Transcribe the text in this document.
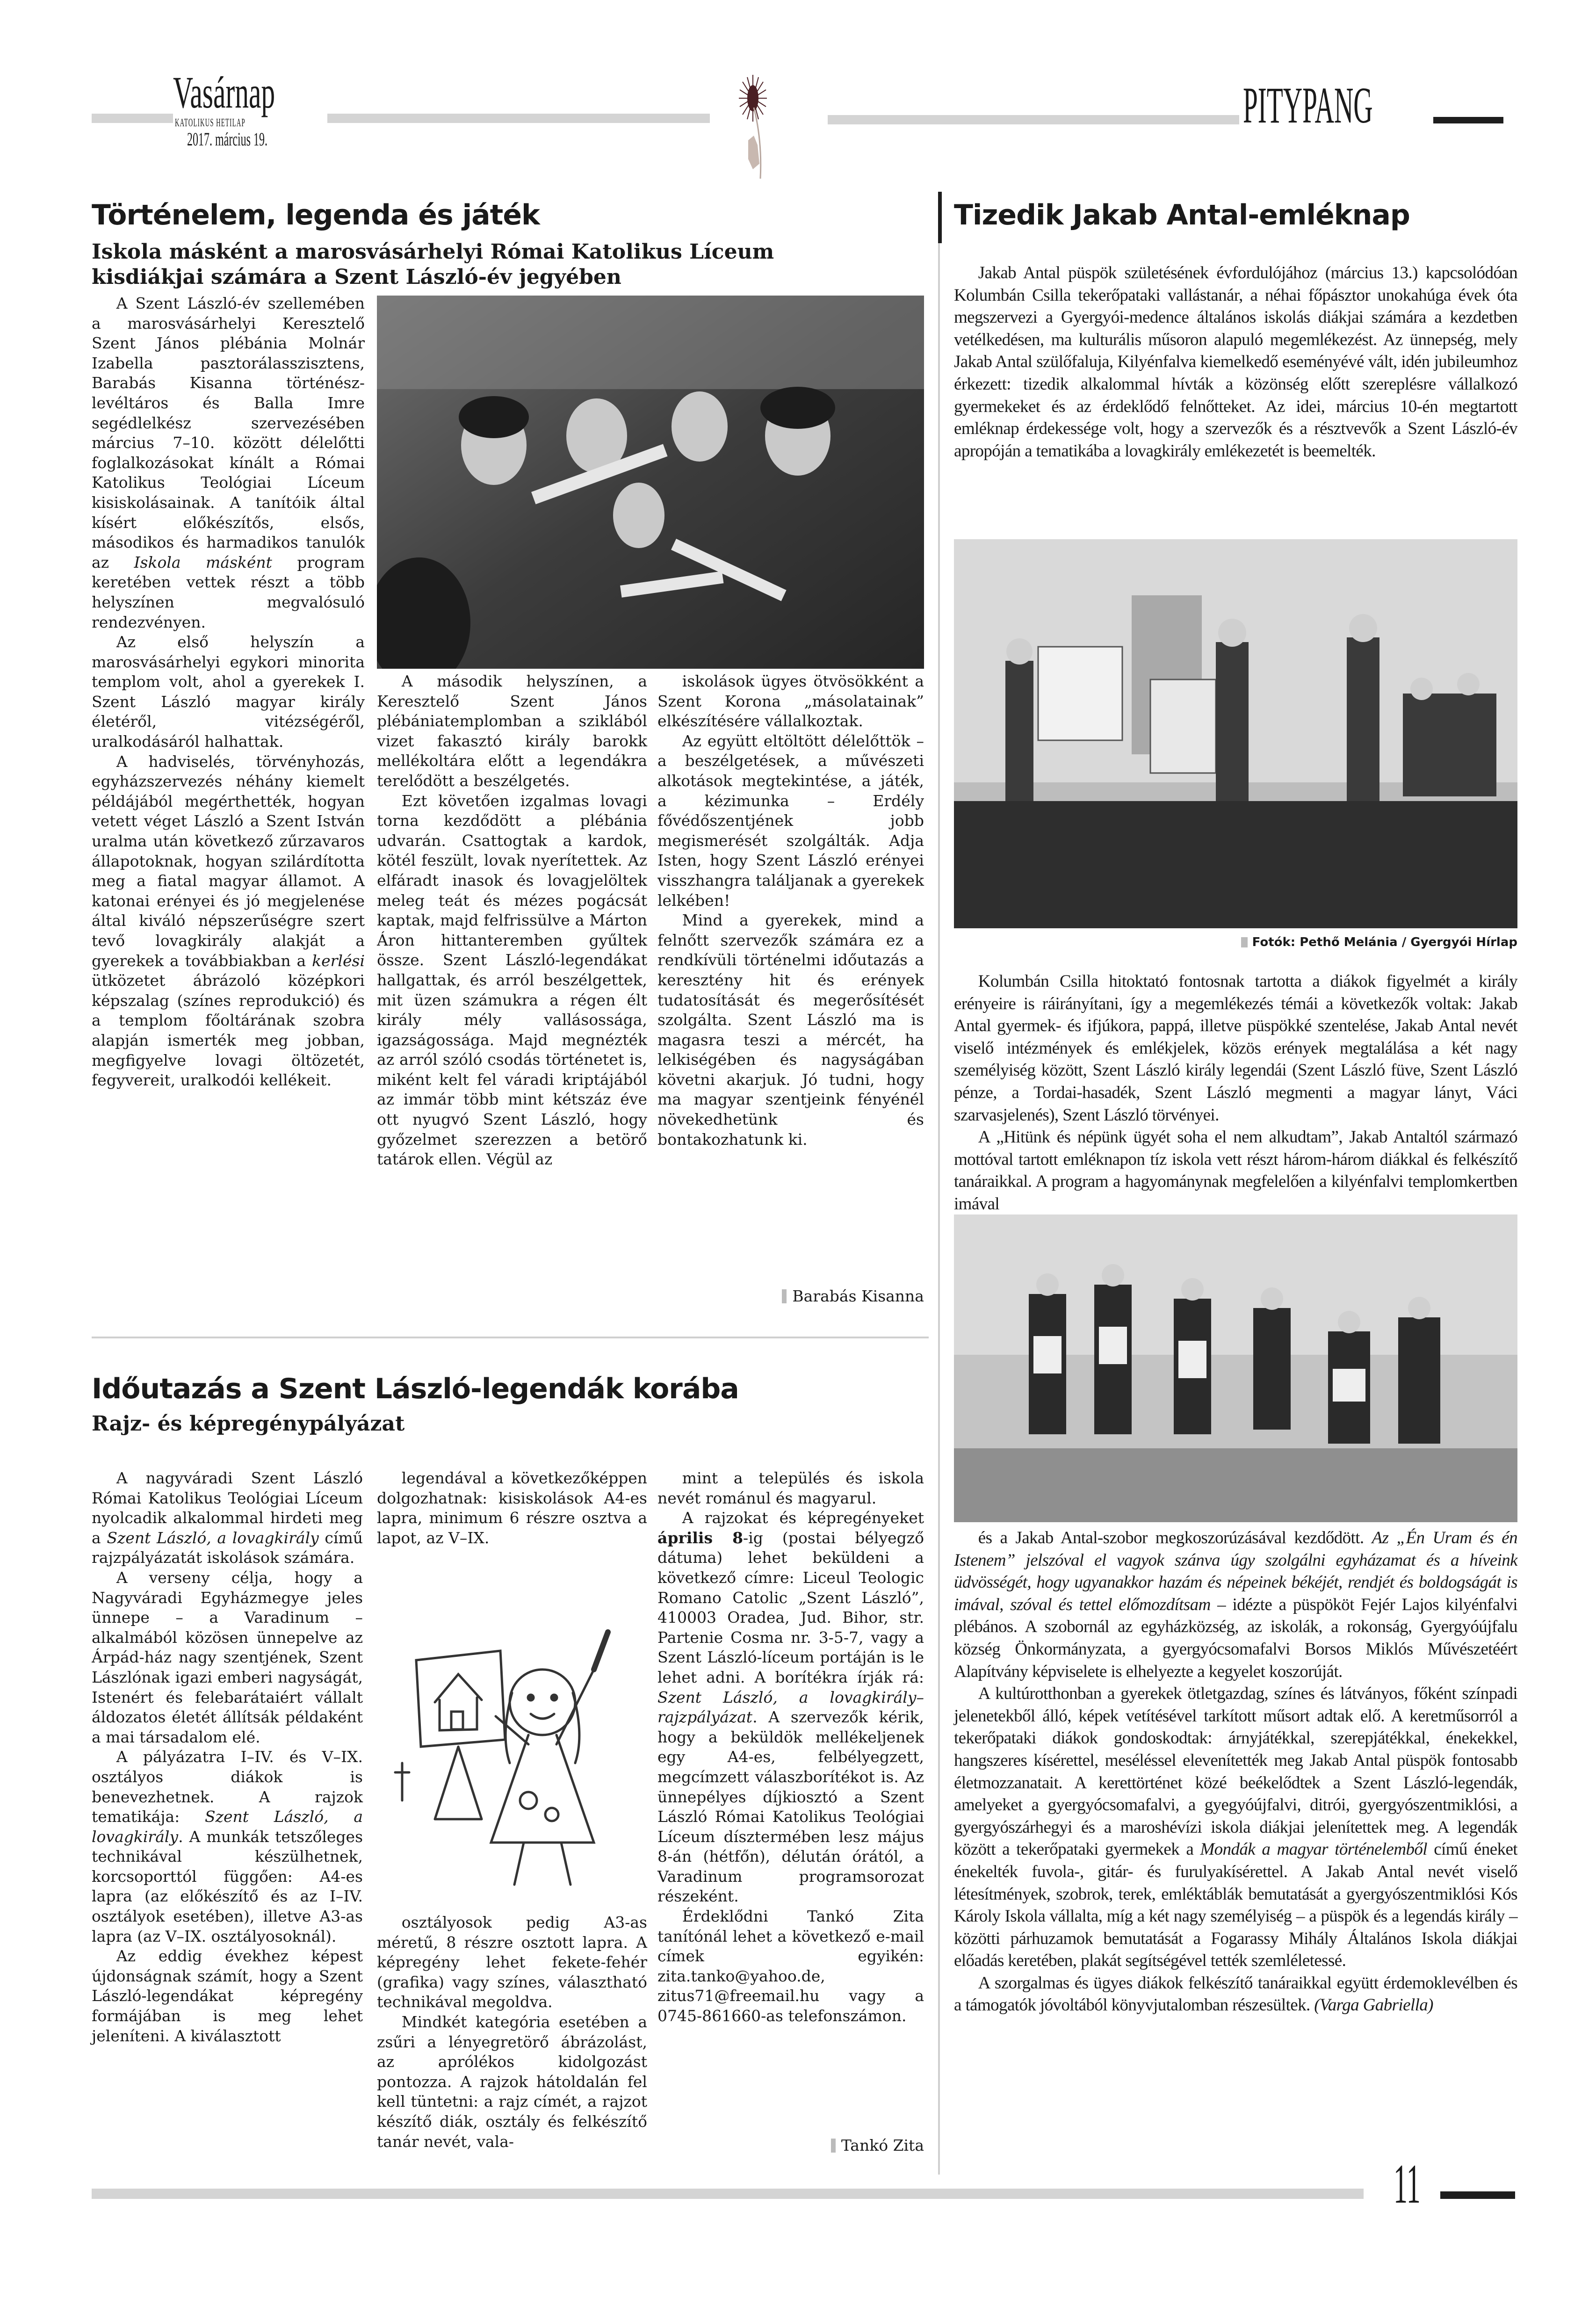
Vasárnap
KATOLIKUS HETILAP
2017. március 19.
PITYPANG
Történelem, legenda és játék
Iskola másként a marosvásárhelyi Római Katolikus Líceum
kisdiákjai számára a Szent László-év jegyében

A Szent László-év szellemében a marosvásárhelyi Keresztelő Szent János plébánia Molnár Izabella pasztorálasszisztens, Barabás Kisanna történész-levéltáros és Balla Imre segédlelkész szervezésében március 7–10. között délelőtti foglalkozásokat kínált a Római Katolikus Teológiai Líceum kisiskolásainak. A tanítóik által kísért előkészítős, elsős, másodikos és harmadikos tanulók az Iskola másként program keretében vettek részt a több helyszínen megvalósuló rendezvényen.

Az első helyszín a marosvásárhelyi egykori minorita templom volt, ahol a gyerekek I. Szent László magyar király életéről, vitézségéről, uralkodásáról halhattak.

A hadviselés, törvényhozás, egyházszervezés néhány kiemelt példájából megérthették, hogyan vetett véget László a Szent István uralma után következő zűrzavaros állapotoknak, hogyan szilárdította meg a fiatal magyar államot. A katonai erényei és jó megjelenése által kiváló népszerűségre szert tevő lovagkirály alakját a gyerekek a továbbiakban a kerlési ütközetet ábrázoló középkori képszalag (színes reprodukció) és a templom főoltárának szobra alapján ismerték meg jobban, megfigyelve lovagi öltözetét, fegyvereit, uralkodói kellékeit.

A második helyszínen, a Keresztelő Szent János plébániatemplomban a sziklából vizet fakasztó király barokk mellékoltára előtt a legendákra terelődött a beszélgetés.

Ezt követően izgalmas lovagi torna kezdődött a plébánia udvarán. Csattogtak a kardok, kötél feszült, lovak nyerítettek. Az elfáradt inasok és lovagjelöltek meleg teát és mézes pogácsát kaptak, majd felfrissülve a Márton Áron hittanteremben gyűltek össze. Szent László-legendákat hallgattak, és arról beszélgettek, mit üzen számukra a régen élt király mély vallásossága, igazságossága. Majd megnézték az arról szóló csodás történetet is, miként kelt fel váradi kriptájából az immár több mint kétszáz éve ott nyugvó Szent László, hogy győzelmet szerezzen a betörő tatárok ellen. Végül az

iskolások ügyes ötvösökként a Szent Korona „másolatainak” elkészítésére vállalkoztak.

Az együtt eltöltött délelőttök – a beszélgetések, a művészeti alkotások megtekintése, a játék, a kézimunka – Erdély fővédőszentjének jobb megismerését szolgálták. Adja Isten, hogy Szent László erényei visszhangra találjanak a gyerekek lelkében!

Mind a gyerekek, mind a felnőtt szervezők számára ez a rendkívüli történelmi időutazás a keresztény hit és erények tudatosítását és megerősítését szolgálta. Szent László ma is magasra teszi a mércét, ha lelkiségében és nagyságában követni akarjuk. Jó tudni, hogy ma magyar szentjeink fényénél növekedhetünk és bontakozhatunk ki.

Barabás Kisanna
Időutazás a Szent László-legendák korába
Rajz- és képregénypályázat

A nagyváradi Szent László Római Katolikus Teológiai Líceum nyolcadik alkalommal hirdeti meg a Szent László, a lovagkirály című rajzpályázatát iskolások számára.

A verseny célja, hogy a Nagyváradi Egyházmegye jeles ünnepe – a Varadinum – alkalmából közösen ünnepelve az Árpád-ház nagy szentjének, Szent Lászlónak igazi emberi nagyságát, Istenért és felebarátaiért vállalt áldozatos életét állítsák példaként a mai társadalom elé.

A pályázatra I–IV. és V–IX. osztályos diákok is benevezhetnek. A rajzok tematikája: Szent László, a lovagkirály. A munkák tetszőleges technikával készülhetnek, korcsoporttól függően: A4-es lapra (az előkészítő és az I–IV. osztályok esetében), illetve A3-as lapra (az V–IX. osztályosoknál).

Az eddig évekhez képest újdonságnak számít, hogy a Szent László-legendákat képregény formájában is meg lehet jeleníteni. A kiválasztott

legendával a következőképpen dolgozhatnak: kisiskolások A4-es lapra, minimum 6 részre osztva a lapot, az V–IX.

osztályosok pedig A3-as méretű, 8 részre osztott lapra. A képregény lehet fekete-fehér (grafika) vagy színes, választható technikával megoldva.

Mindkét kategória esetében a zsűri a lényegretörő ábrázolást, az aprólékos kidolgozást pontozza. A rajzok hátoldalán fel kell tüntetni: a rajz címét, a rajzot készítő diák, osztály és felkészítő tanár nevét, vala-

mint a település és iskola nevét románul és magyarul.

A rajzokat és képregényeket április 8-ig (postai bélyegző dátuma) lehet beküldeni a következő címre: Liceul Teologic Romano Catolic „Szent László”, 410003 Oradea, Jud. Bihor, str. Partenie Cosma nr. 3-5-7, vagy a Szent László-líceum portáján is le lehet adni. A borítékra írják rá: Szent László, a lovagkirály–rajzpályázat. A szervezők kérik, hogy a beküldök mellékeljenek egy A4-es, felbélyegzett, megcímzett válaszborítékot is. Az ünnepélyes díjkiosztó a Szent László Római Katolikus Teológiai Líceum dísztermében lesz május 8-án (hétfőn), délután órától, a Varadinum programsorozat részeként.

Érdeklődni Tankó Zita tanítónál lehet a következő e-mail címek egyikén: zita.tanko@yahoo.de, zitus71@freemail.hu vagy a 0745-861660-as telefonszámon.

Tankó Zita
Tizedik Jakab Antal-emléknap

Jakab Antal püspök születésének évfordulójához (március 13.) kapcsolódóan Kolumbán Csilla tekerőpataki vallástanár, a néhai főpásztor unokahúga évek óta megszervezi a Gyergyói-medence általános iskolás diákjai számára a kezdetben vetélkedésen, ma kulturális műsoron alapuló megemlékezést. Az ünnepség, mely Jakab Antal szülőfaluja, Kilyénfalva kiemelkedő eseményévé vált, idén jubileumhoz érkezett: tizedik alkalommal hívták a közönség előtt szereplésre vállalkozó gyermekeket és az érdeklődő felnőtteket. Az idei, március 10-én megtartott emléknap érdekessége volt, hogy a szervezők és a résztvevők a Szent László-év apropóján a tematikába a lovagkirály emlékezetét is beemelték.

Fotók: Pethő Melánia / Gyergyói Hírlap

Kolumbán Csilla hitoktató fontosnak tartotta a diákok figyelmét a király erényeire is ráirányítani, így a megemlékezés témái a következők voltak: Jakab Antal gyermek- és ifjúkora, pappá, illetve püspökké szentelése, Jakab Antal nevét viselő intézmények és emlékjelek, közös erények megtalálása a két nagy személyiség között, Szent László király legendái (Szent László füve, Szent László pénze, a Tordai-hasadék, Szent László megmenti a magyar lányt, Váci szarvasjelenés), Szent László törvényei.

A „Hitünk és népünk ügyét soha el nem alkudtam”, Jakab Antaltól származó mottóval tartott emléknapon tíz iskola vett részt három-három diákkal és felkészítő tanáraikkal. A program a hagyománynak megfelelően a kilyénfalvi templomkertben imával

és a Jakab Antal-szobor megkoszorúzásával kezdődött. Az „Én Uram és én Istenem” jelszóval el vagyok szánva úgy szolgálni egyházamat és a híveink üdvösségét, hogy ugyanakkor hazám és népeinek békéjét, rendjét és boldogságát is imával, szóval és tettel előmozdítsam – idézte a püspököt Fejér Lajos kilyénfalvi plébános. A szobornál az egyházközség, az iskolák, a rokonság, Gyergyóújfalu község Önkormányzata, a gyergyócsomafalvi Borsos Miklós Művészetéért Alapítvány képviselete is elhelyezte a kegyelet koszorúját.

A kultúrotthonban a gyerekek ötletgazdag, színes és látványos, főként színpadi jelenetekből álló, képek vetítésével tarkított műsort adtak elő. A keretműsorról a tekerőpataki diákok gondoskodtak: árnyjátékkal, szerepjátékkal, énekekkel, hangszeres kísérettel, meséléssel elevenítették meg Jakab Antal püspök fontosabb életmozzanatait. A kerettörténet közé beékelődtek a Szent László-legendák, amelyeket a gyergyócsomafalvi, a gyegyóújfalvi, ditrói, gyergyószentmiklósi, a gyergyószárhegyi és a maroshévízi iskola diákjai jelenítettek meg. A legendák között a tekerőpataki gyermekek a Mondák a magyar történelemből című éneket énekelték fuvola-, gitár- és furulyakísérettel. A Jakab Antal nevét viselő létesítmények, szobrok, terek, emléktáblák bemutatását a gyergyószentmiklósi Kós Károly Iskola vállalta, míg a két nagy személyiség – a püspök és a legendás király – közötti párhuzamok bemutatását a Fogarassy Mihály Általános Iskola diákjai előadás keretében, plakát segítségével tették szemléletessé.

A szorgalmas és ügyes diákok felkészítő tanáraikkal együtt érdemoklevélben és a támogatók jóvoltából könyvjutalomban részesültek. (Varga Gabriella)

11
